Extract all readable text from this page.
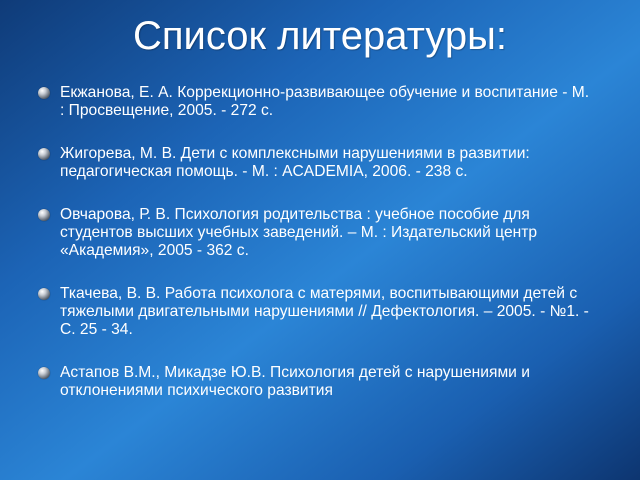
Список литературы:
Екжанова, Е. А. Коррекционно-развивающее обучение и воспитание - М. : Просвещение, 2005. - 272 с.
Жигорева, М. В. Дети с комплексными нарушениями в развитии: педагогическая помощь. - М. : ACADEMIA, 2006. - 238 с.
Овчарова, Р. В. Психология родительства : учебное пособие для студентов высших учебных заведений. – М. : Издательский центр «Академия», 2005 - 362 с.
Ткачева, В. В. Работа психолога с матерями, воспитывающими детей с тяжелыми двигательными нарушениями // Дефектология. – 2005. - №1. - С. 25 - 34.
Астапов В.М., Микадзе Ю.В. Психология детей с нарушениями и отклонениями психического развития
